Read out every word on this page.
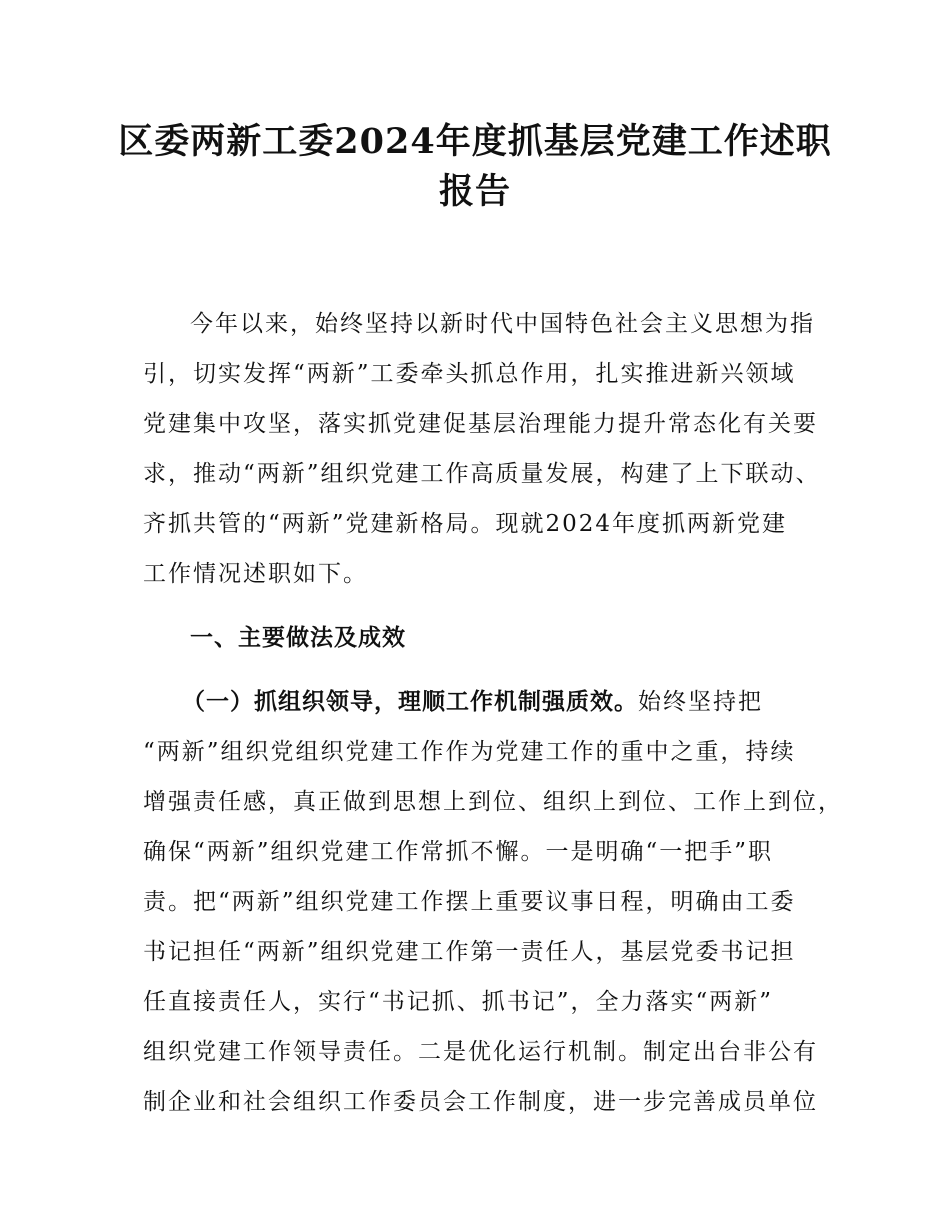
区委两新工委2024年度抓基层党建工作述职
报告
今年以来，始终坚持以新时代中国特色社会主义思想为指
引，切实发挥“两新”工委牵头抓总作用，扎实推进新兴领域
党建集中攻坚，落实抓党建促基层治理能力提升常态化有关要
求，推动“两新”组织党建工作高质量发展，构建了上下联动、
齐抓共管的“两新”党建新格局。现就2024年度抓两新党建
工作情况述职如下。
一、主要做法及成效
（一）抓组织领导，理顺工作机制强质效。始终坚持把
“两新”组织党组织党建工作作为党建工作的重中之重，持续
增强责任感，真正做到思想上到位、组织上到位、工作上到位，
确保“两新”组织党建工作常抓不懈。一是明确“一把手”职
责。把“两新”组织党建工作摆上重要议事日程，明确由工委
书记担任“两新”组织党建工作第一责任人，基层党委书记担
任直接责任人，实行“书记抓、抓书记”，全力落实“两新”
组织党建工作领导责任。二是优化运行机制。制定出台非公有
制企业和社会组织工作委员会工作制度，进一步完善成员单位
